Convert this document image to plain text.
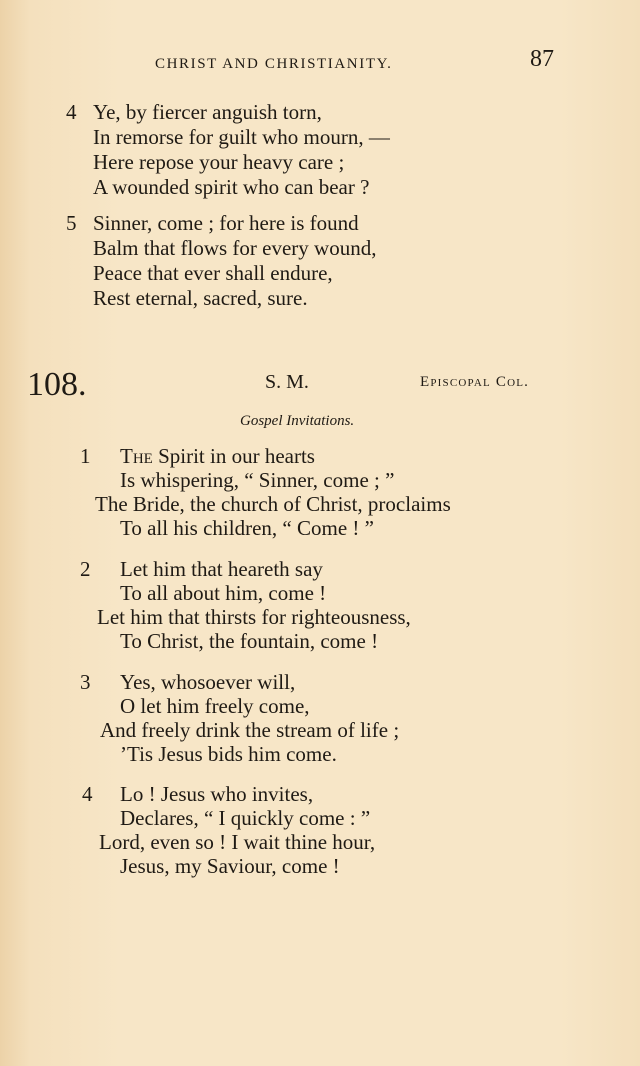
CHRIST AND CHRISTIANITY.	87
4 Ye, by fiercer anguish torn,
In remorse for guilt who mourn, —
Here repose your heavy care ;
A wounded spirit who can bear ?
5 Sinner, come ; for here is found
Balm that flows for every wound,
Peace that ever shall endure,
Rest eternal, sacred, sure.
108.	S. M.	Episcopal Col.
Gospel Invitations.
1 The Spirit in our hearts
Is whispering, “ Sinner, come ; ”
The Bride, the church of Christ, proclaims
To all his children, “ Come ! ”
2 Let him that heareth say
To all about him, come !
Let him that thirsts for righteousness,
To Christ, the fountain, come !
3 Yes, whosoever will,
O let him freely come,
And freely drink the stream of life ;
’Tis Jesus bids him come.
4 Lo ! Jesus who invites,
Declares, “ I quickly come : ”
Lord, even so ! I wait thine hour,
Jesus, my Saviour, come !
